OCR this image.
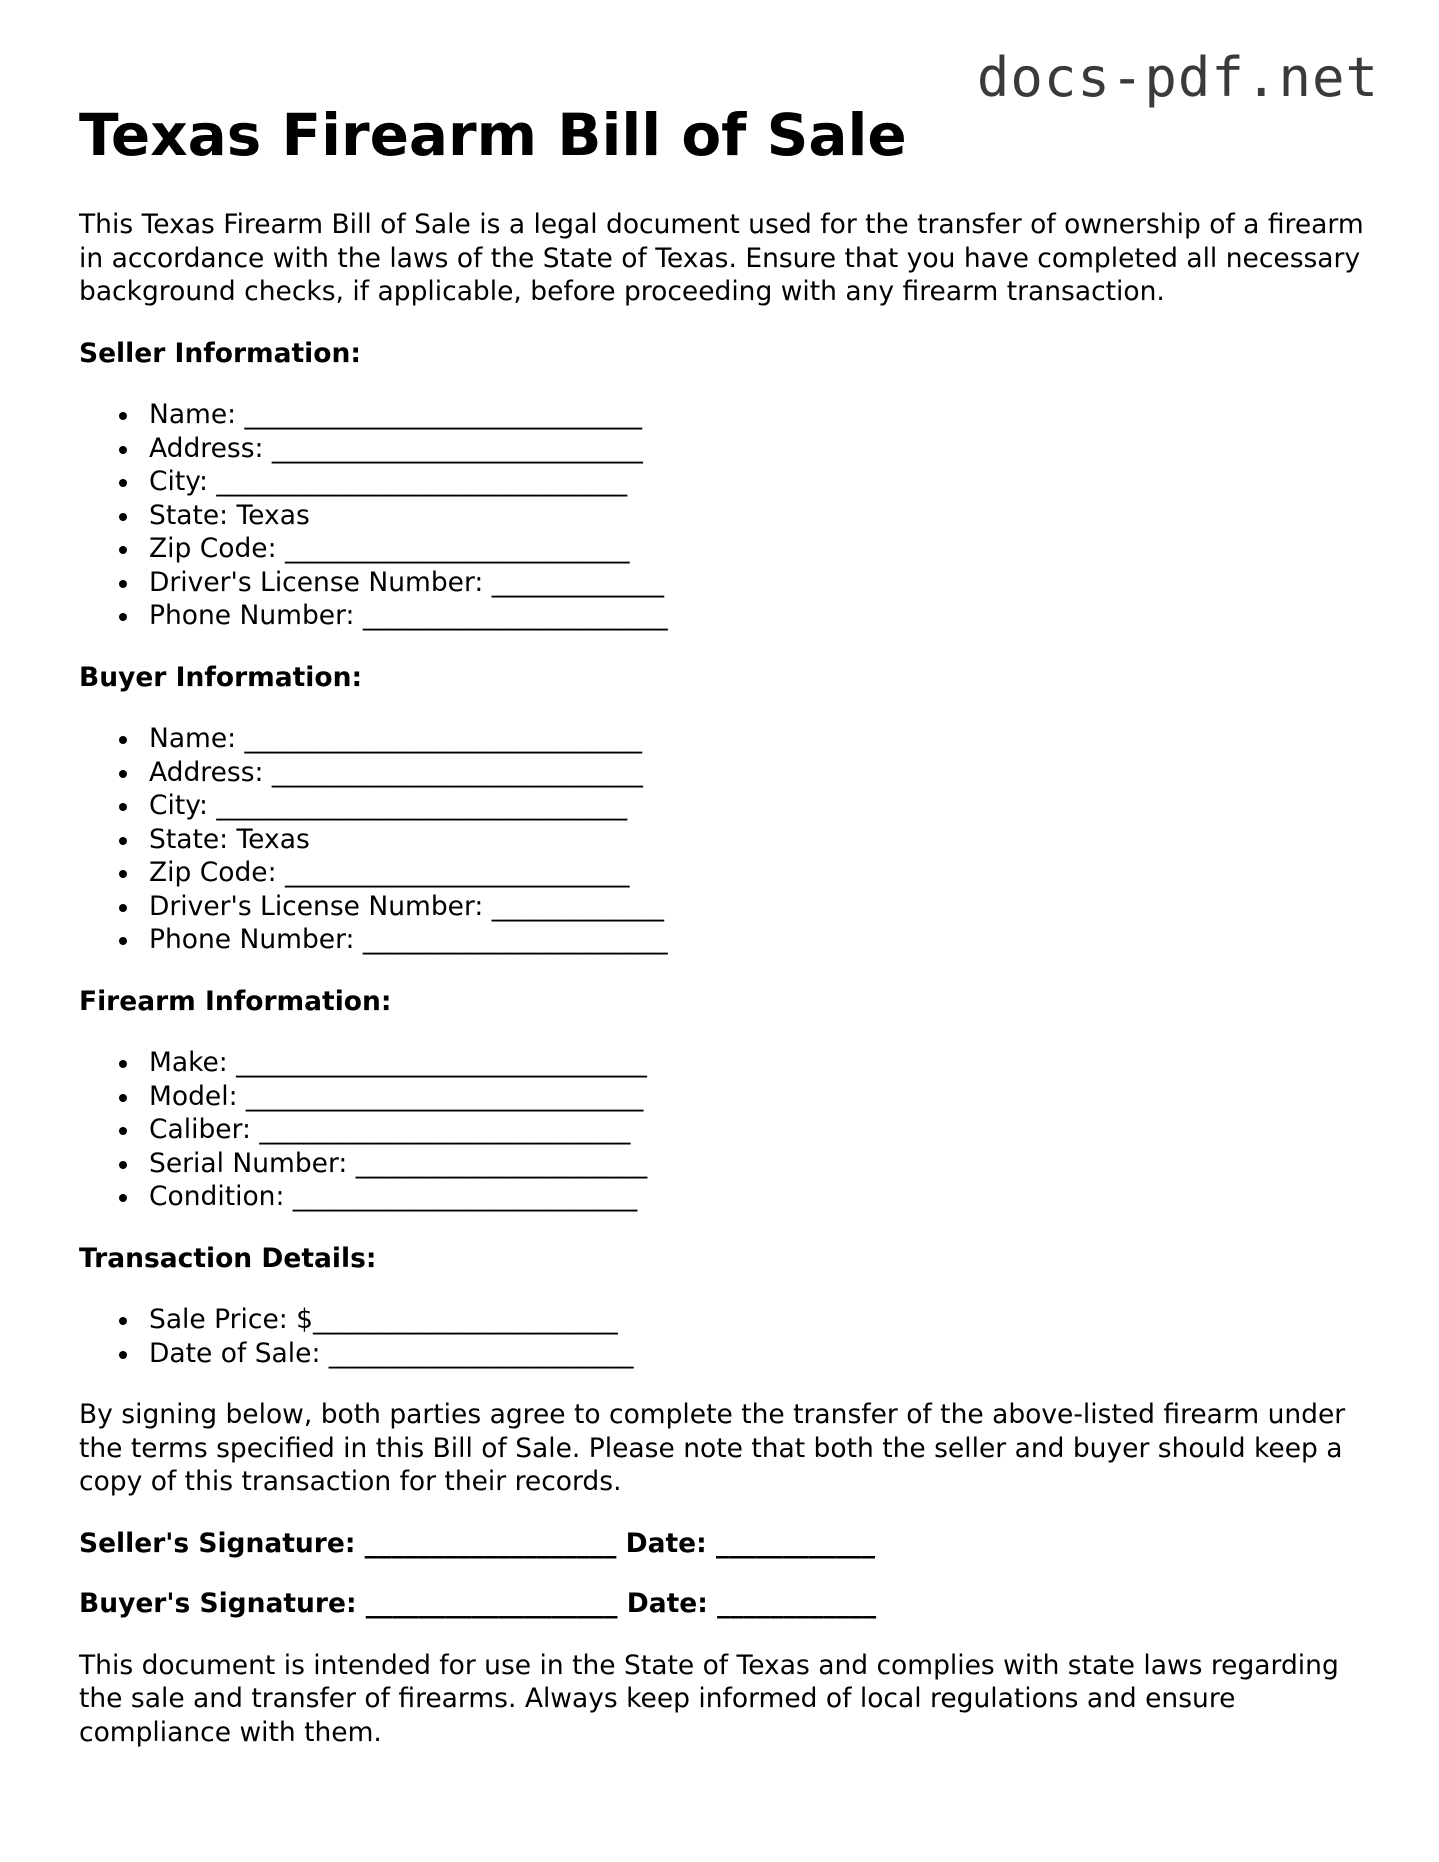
docs-pdf.net
Texas Firearm Bill of Sale

This Texas Firearm Bill of Sale is a legal document used for the transfer of ownership of a firearm in accordance with the laws of the State of Texas. Ensure that you have completed all necessary background checks, if applicable, before proceeding with any firearm transaction.

Seller Information:
Name: ______________________________
Address: ____________________________
City: _______________________________
State: Texas
Zip Code: __________________________
Driver's License Number: _____________
Phone Number: _______________________
Buyer Information:
Name: ______________________________
Address: ____________________________
City: _______________________________
State: Texas
Zip Code: __________________________
Driver's License Number: _____________
Phone Number: _______________________
Firearm Information:
Make: _______________________________
Model: ______________________________
Caliber: ____________________________
Serial Number: ______________________
Condition: __________________________
Transaction Details:
Sale Price: $_______________________
Date of Sale: _______________________

By signing below, both parties agree to complete the transfer of the above-listed firearm under the terms specified in this Bill of Sale. Please note that both the seller and buyer should keep a copy of this transaction for their records.

Seller's Signature: ___________________ Date: ____________
Buyer's Signature: ___________________ Date: ____________

This document is intended for use in the State of Texas and complies with state laws regarding the sale and transfer of firearms. Always keep informed of local regulations and ensure compliance with them.
